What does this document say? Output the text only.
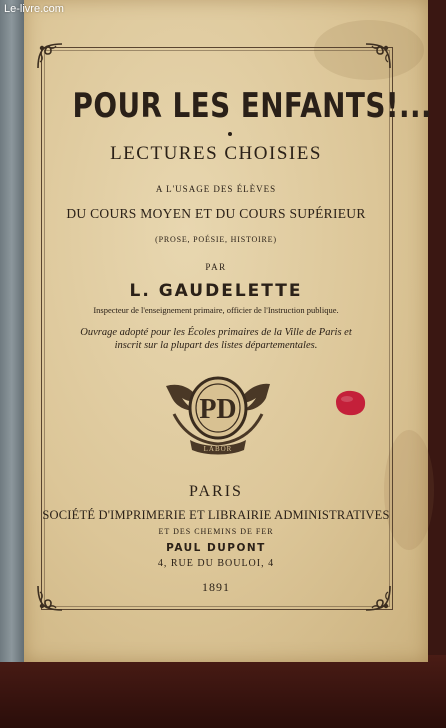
POUR LES ENFANTS!...
LECTURES CHOISIES
A L'USAGE DES ÉLÈVES
DU COURS MOYEN ET DU COURS SUPÉRIEUR
(PROSE, POÉSIE, HISTOIRE)
PAR
L. GAUDELETTE
Inspecteur de l'enseignement primaire, officier de l'Instruction publique.
Ouvrage adopté pour les Écoles primaires de la Ville de Paris et
inscrit sur la plupart des listes départementales.
PD
LABOR
PARIS
SOCIÉTÉ D'IMPRIMERIE ET LIBRAIRIE ADMINISTRATIVES
ET DES CHEMINS DE FER
PAUL DUPONT
4, RUE DU BOULOI, 4
1891
Le-livre.com
